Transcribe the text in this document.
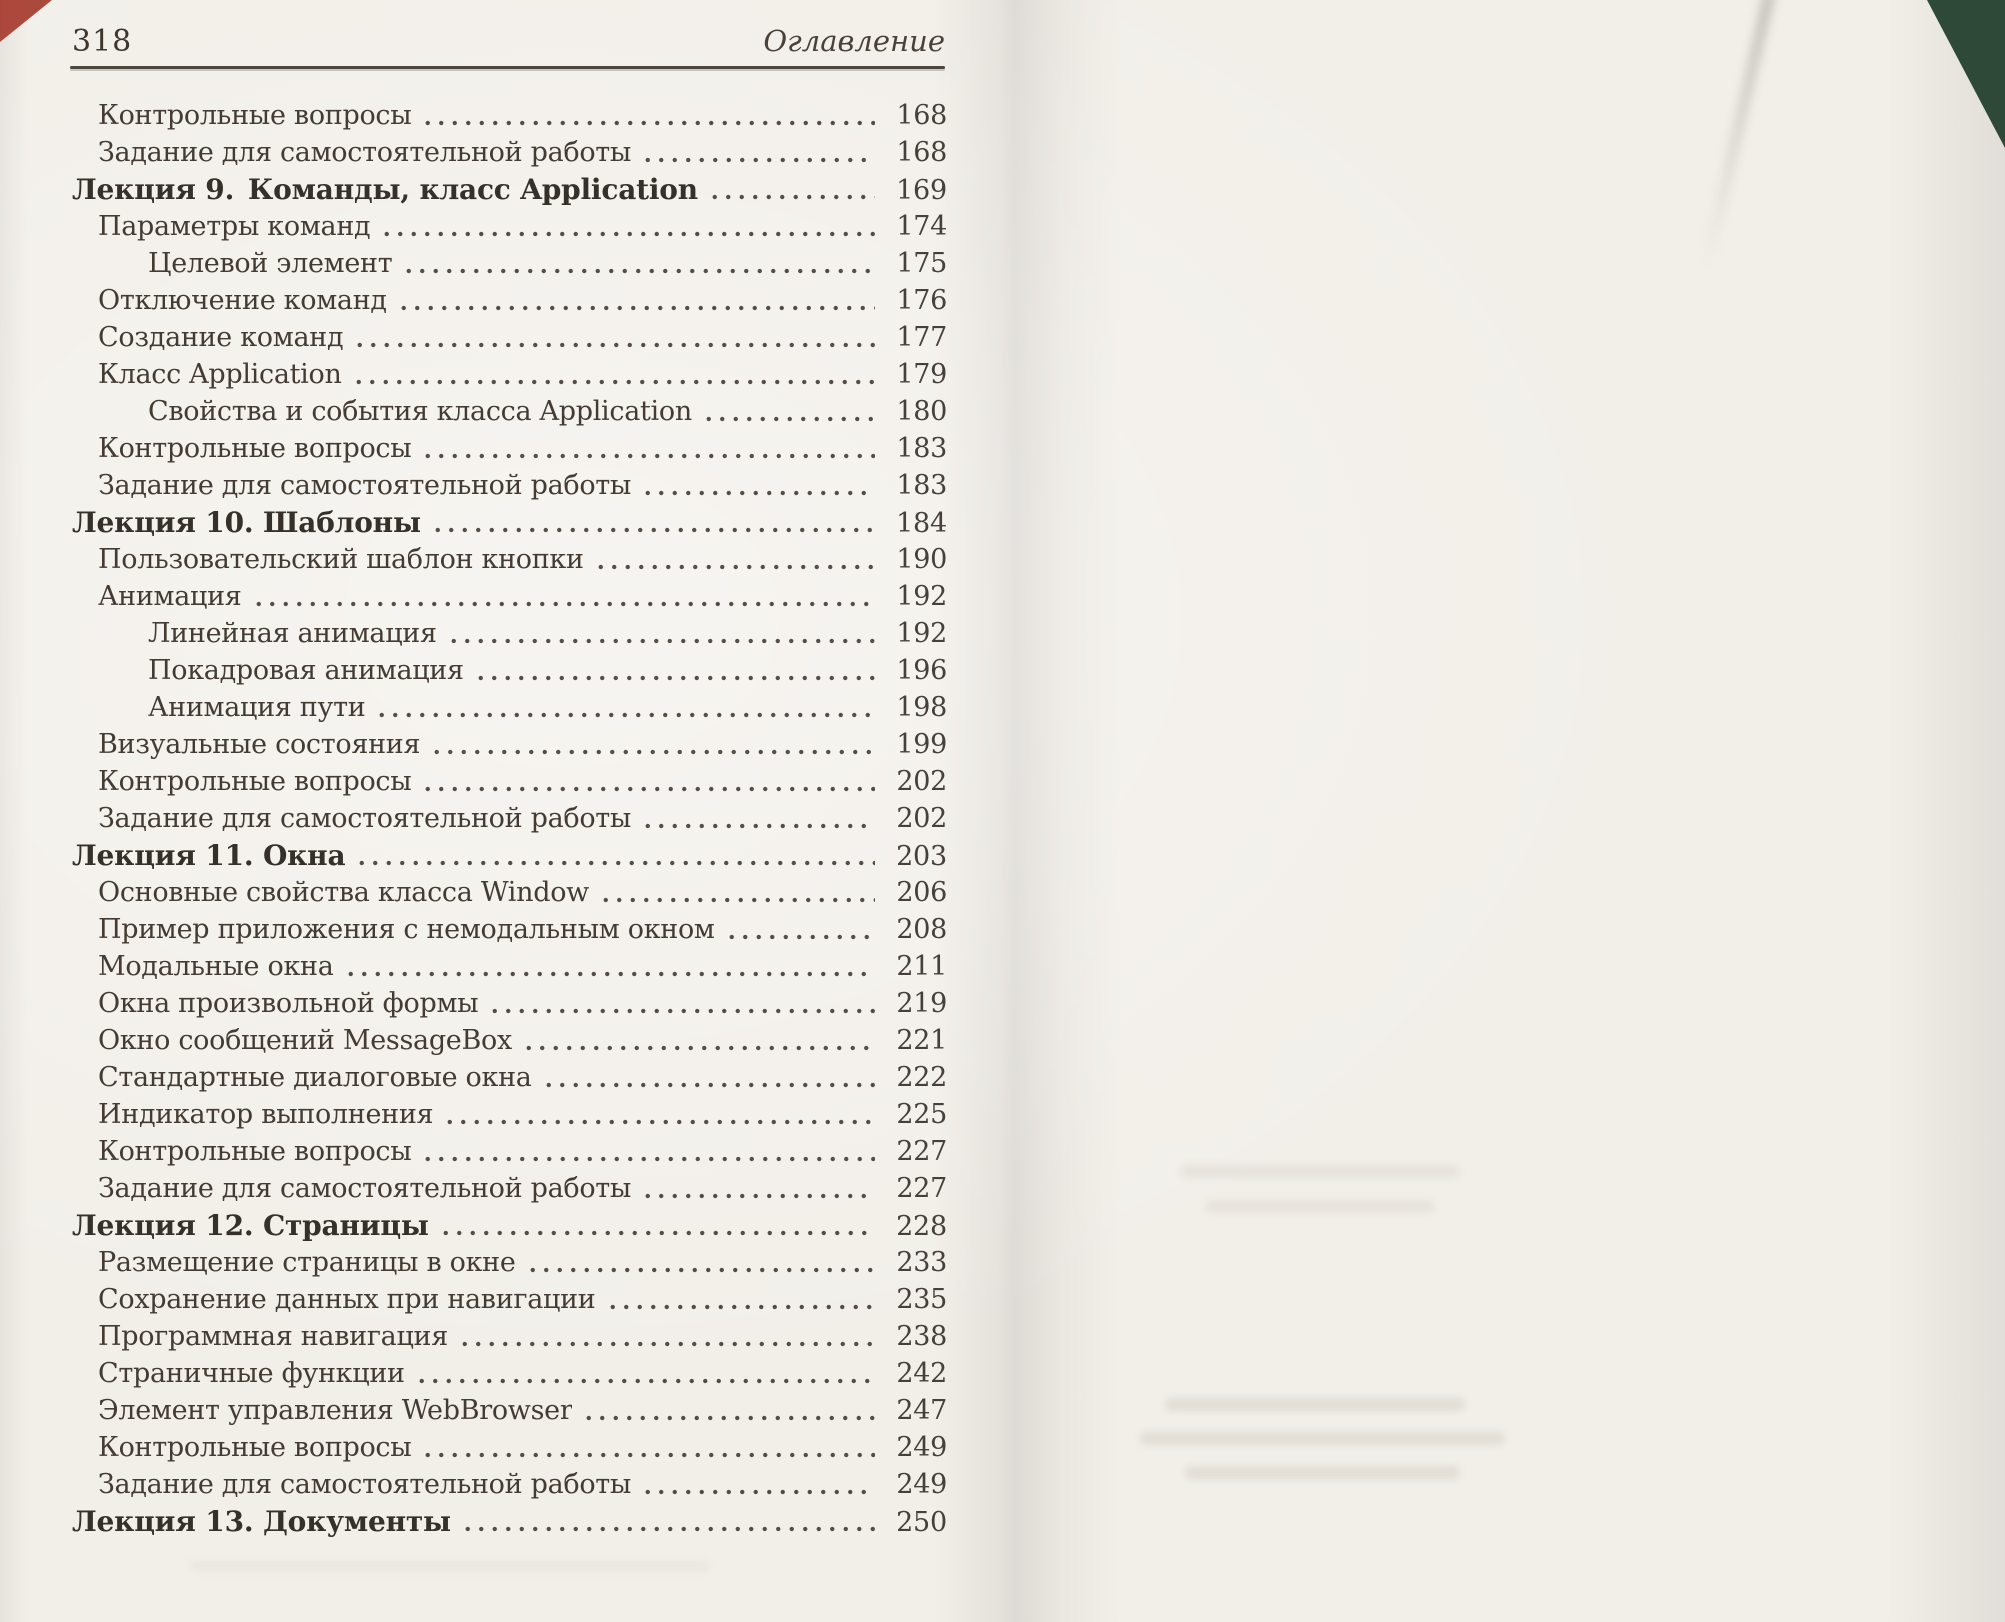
318	Оглавление
Контрольные вопросы	168
Задание для самостоятельной работы	168
Лекция 9. Команды, класс Application	169
Параметры команд	174
Целевой элемент	175
Отключение команд	176
Создание команд	177
Класс Application	179
Свойства и события класса Application	180
Контрольные вопросы	183
Задание для самостоятельной работы	183
Лекция 10. Шаблоны	184
Пользовательский шаблон кнопки	190
Анимация	192
Линейная анимация	192
Покадровая анимация	196
Анимация пути	198
Визуальные состояния	199
Контрольные вопросы	202
Задание для самостоятельной работы	202
Лекция 11. Окна	203
Основные свойства класса Window	206
Пример приложения с немодальным окном	208
Модальные окна	211
Окна произвольной формы	219
Окно сообщений MessageBox	221
Стандартные диалоговые окна	222
Индикатор выполнения	225
Контрольные вопросы	227
Задание для самостоятельной работы	227
Лекция 12. Страницы	228
Размещение страницы в окне	233
Сохранение данных при навигации	235
Программная навигация	238
Страничные функции	242
Элемент управления WebBrowser	247
Контрольные вопросы	249
Задание для самостоятельной работы	249
Лекция 13. Документы	250
